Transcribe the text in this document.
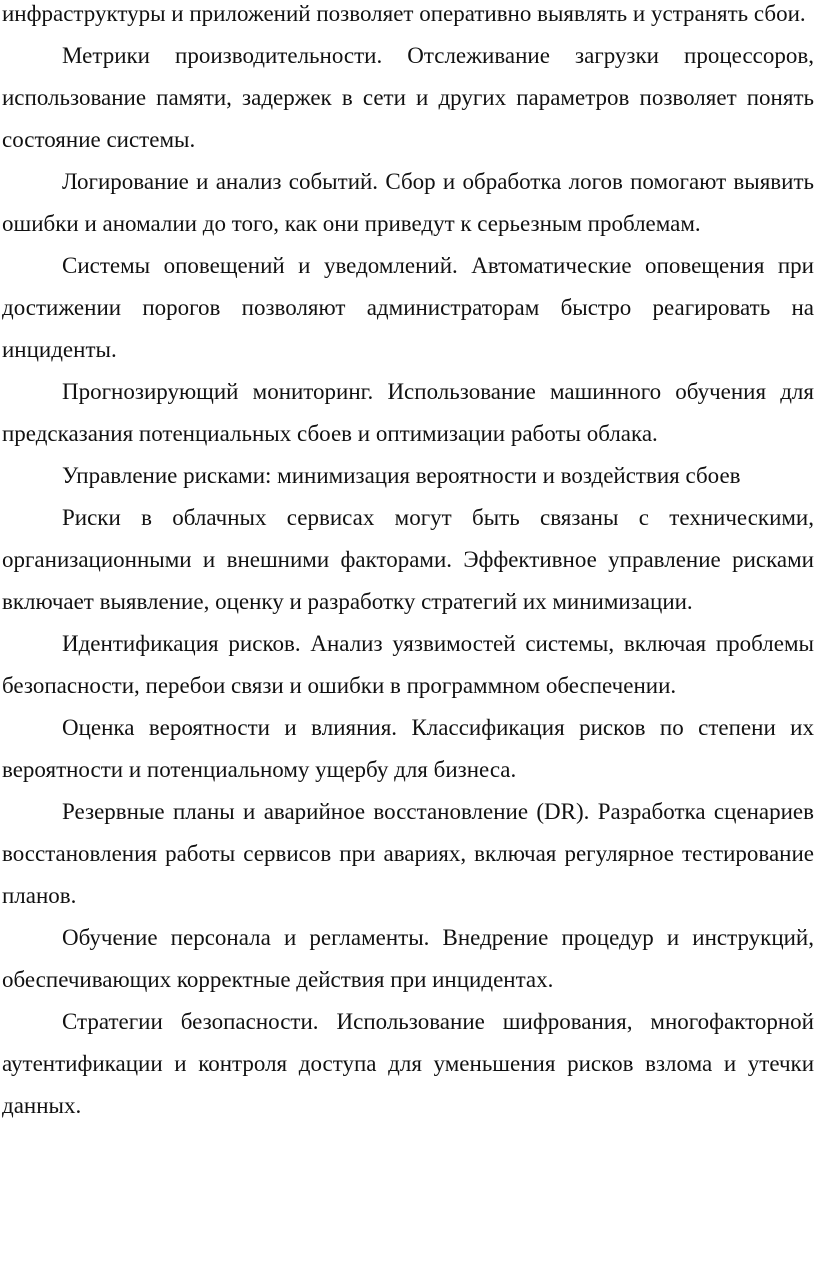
инфраструктуры и приложений позволяет оперативно выявлять и устранять сбои.

Метрики производительности. Отслеживание загрузки процессоров, использование памяти, задержек в сети и других параметров позволяет понять состояние системы.

Логирование и анализ событий. Сбор и обработка логов помогают выявить ошибки и аномалии до того, как они приведут к серьезным проблемам.

Системы оповещений и уведомлений. Автоматические оповещения при достижении порогов позволяют администраторам быстро реагировать на инциденты.

Прогнозирующий мониторинг. Использование машинного обучения для предсказания потенциальных сбоев и оптимизации работы облака.

Управление рисками: минимизация вероятности и воздействия сбоев

Риски в облачных сервисах могут быть связаны с техническими, организационными и внешними факторами. Эффективное управление рисками включает выявление, оценку и разработку стратегий их минимизации.

Идентификация рисков. Анализ уязвимостей системы, включая проблемы безопасности, перебои связи и ошибки в программном обеспечении.

Оценка вероятности и влияния. Классификация рисков по степени их вероятности и потенциальному ущербу для бизнеса.

Резервные планы и аварийное восстановление (DR). Разработка сценариев восстановления работы сервисов при авариях, включая регулярное тестирование планов.

Обучение персонала и регламенты. Внедрение процедур и инструкций, обеспечивающих корректные действия при инцидентах.

Стратегии безопасности. Использование шифрования, многофакторной аутентификации и контроля доступа для уменьшения рисков взлома и утечки данных.
